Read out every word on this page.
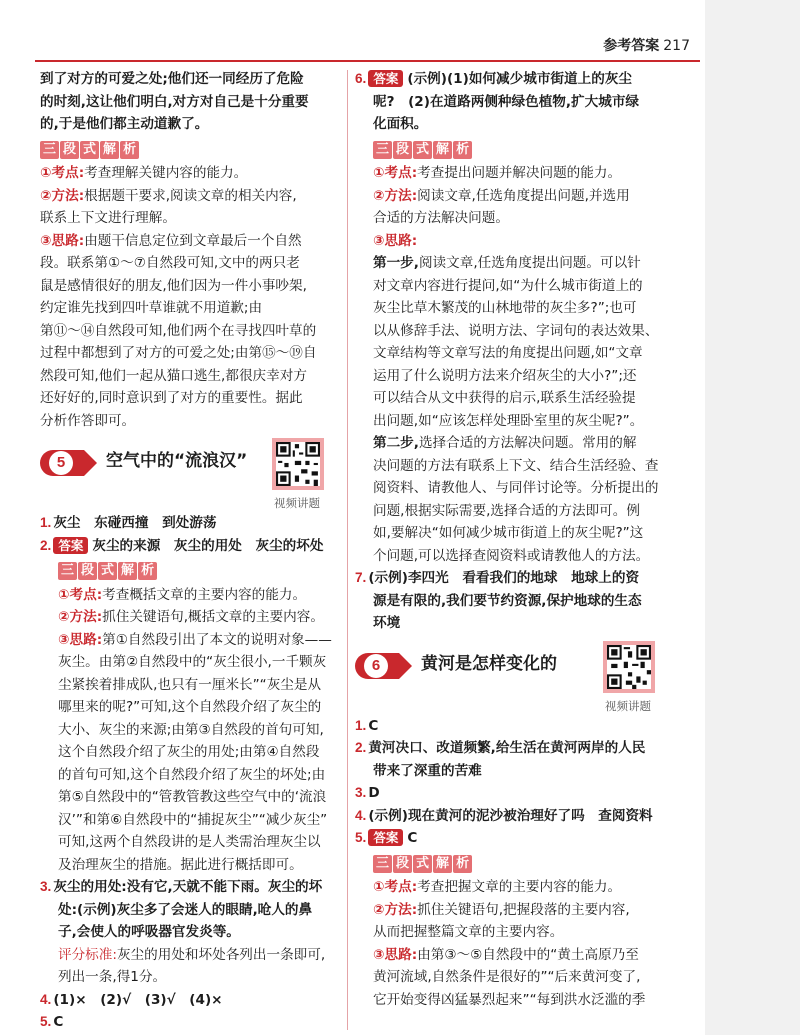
参考答案 217
到了对方的可爱之处;他们还一同经历了危险
的时刻,这让他们明白,对方对自己是十分重要
的,于是他们都主动道歉了。
三 段 式 解 析
①考点:考查理解关键内容的能力。
②方法:根据题干要求,阅读文章的相关内容,
联系上下文进行理解。
③思路:由题干信息定位到文章最后一个自然
段。联系第①～⑦自然段可知,文中的两只老
鼠是感情很好的朋友,他们因为一件小事吵架,
约定谁先找到四叶草谁就不用道歉;由
第⑪～⑭自然段可知,他们两个在寻找四叶草的
过程中都想到了对方的可爱之处;由第⑮～⑲自
然段可知,他们一起从猫口逃生,都很庆幸对方
还好好的,同时意识到了对方的重要性。据此
分析作答即可。
5	空气中的“流浪汉”
视频讲题
1. 灰尘　东碰西撞　到处游荡
2. 答案 灰尘的来源　灰尘的用处　灰尘的坏处
三 段 式 解 析
①考点:考查概括文章的主要内容的能力。
②方法:抓住关键语句,概括文章的主要内容。
③思路:第①自然段引出了本文的说明对象——
灰尘。由第②自然段中的“灰尘很小,一千颗灰
尘紧挨着排成队,也只有一厘米长”“灰尘是从
哪里来的呢?”可知,这个自然段介绍了灰尘的
大小、灰尘的来源;由第③自然段的首句可知,
这个自然段介绍了灰尘的用处;由第④自然段
的首句可知,这个自然段介绍了灰尘的坏处;由
第⑤自然段中的“管教管教这些空气中的‘流浪
汉’”和第⑥自然段中的“捕捉灰尘”“减少灰尘”
可知,这两个自然段讲的是人类需治理灰尘以
及治理灰尘的措施。据此进行概括即可。
3. 灰尘的用处:没有它,天就不能下雨。灰尘的坏
处:(示例)灰尘多了会迷人的眼睛,呛人的鼻
子,会使人的呼吸器官发炎等。
评分标准:灰尘的用处和坏处各列出一条即可,
列出一条,得1分。
4. (1)×　(2)√　(3)√　(4)×
5. C
6. 答案 (示例)(1)如何减少城市街道上的灰尘
呢?　(2)在道路两侧种绿色植物,扩大城市绿
化面积。
三 段 式 解 析
①考点:考查提出问题并解决问题的能力。
②方法:阅读文章,任选角度提出问题,并选用
合适的方法解决问题。
③思路:
第一步,阅读文章,任选角度提出问题。可以针
对文章内容进行提问,如“为什么城市街道上的
灰尘比草木繁茂的山林地带的灰尘多?”;也可
以从修辞手法、说明方法、字词句的表达效果、
文章结构等文章写法的角度提出问题,如“文章
运用了什么说明方法来介绍灰尘的大小?”;还
可以结合从文中获得的启示,联系生活经验提
出问题,如“应该怎样处理卧室里的灰尘呢?”。
第二步,选择合适的方法解决问题。常用的解
决问题的方法有联系上下文、结合生活经验、查
阅资料、请教他人、与同伴讨论等。分析提出的
问题,根据实际需要,选择合适的方法即可。例
如,要解决“如何减少城市街道上的灰尘呢?”这
个问题,可以选择查阅资料或请教他人的方法。
7. (示例)李四光　看看我们的地球　地球上的资
源是有限的,我们要节约资源,保护地球的生态
环境
6	黄河是怎样变化的
视频讲题
1. C
2. 黄河决口、改道频繁,给生活在黄河两岸的人民
带来了深重的苦难
3. D
4. (示例)现在黄河的泥沙被治理好了吗　查阅资料
5. 答案 C
三 段 式 解 析
①考点:考查把握文章的主要内容的能力。
②方法:抓住关键语句,把握段落的主要内容,
从而把握整篇文章的主要内容。
③思路:由第③～⑤自然段中的“黄土高原乃至
黄河流域,自然条件是很好的”“后来黄河变了,
它开始变得凶猛暴烈起来”“每到洪水泛滥的季
